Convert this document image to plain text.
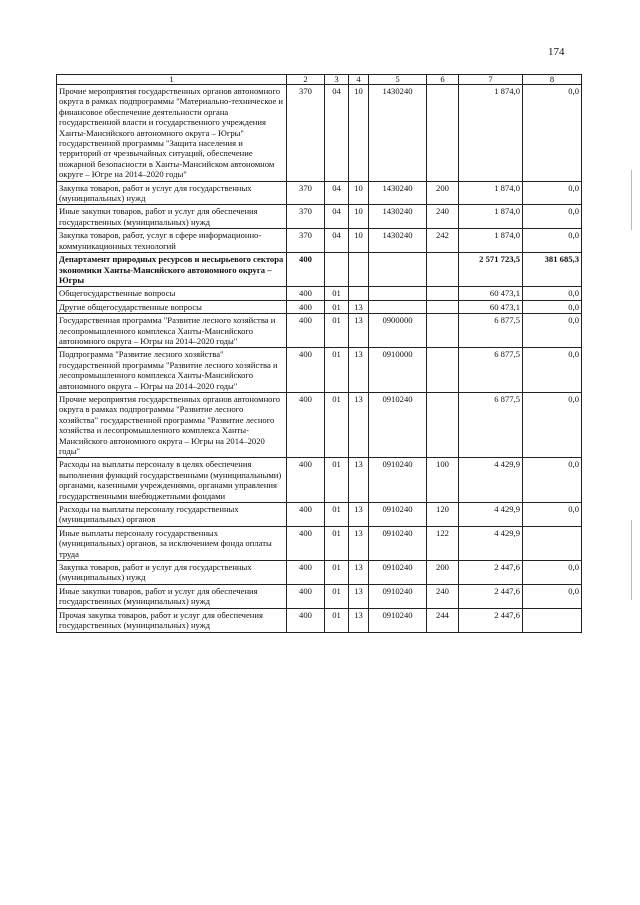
174
1	2	3	4	5	6	7	8
Прочие мероприятия государственных органов автономного округа в рамках подпрограммы "Материально-техническое и финансовое обеспечение деятельности органа государственной власти и государственного учреждения Ханты-Мансийского автономного округа – Югры" государственной программы "Защита населения и территорий от чрезвычайных ситуаций, обеспечение пожарной безопасности в Ханты-Мансийском автономном округе – Югре на 2014–2020 годы"	370	04	10	1430240		1 874,0	0,0
Закупка товаров, работ и услуг для государственных (муниципальных) нужд	370	04	10	1430240	200	1 874,0	0,0
Иные закупки товаров, работ и услуг для обеспечения государственных (муниципальных) нужд	370	04	10	1430240	240	1 874,0	0,0
Закупка товаров, работ, услуг в сфере информационно-коммуникационных технологий	370	04	10	1430240	242	1 874,0	0,0
Департамент природных ресурсов и несырьевого сектора экономики Ханты-Мансийского автономного округа – Югры	400					2 571 723,5	381 685,3
Общегосударственные вопросы	400	01				60 473,1	0,0
Другие общегосударственные вопросы	400	01	13			60 473,1	0,0
Государственная программа "Развитие лесного хозяйства и лесопромышленного комплекса Ханты-Мансийского автономного округа – Югры на 2014–2020 годы"	400	01	13	0900000		6 877,5	0,0
Подпрограмма "Развитие лесного хозяйства" государственной программы "Развитие лесного хозяйства и лесопромышленного комплекса Ханты-Мансийского автономного округа – Югры на 2014–2020 годы"	400	01	13	0910000		6 877,5	0,0
Прочие мероприятия государственных органов автономного округа в рамках подпрограммы "Развитие лесного хозяйства" государственной программы "Развитие лесного хозяйства и лесопромышленного комплекса Ханты-Мансийского автономного округа – Югры на 2014–2020 годы"	400	01	13	0910240		6 877,5	0,0
Расходы на выплаты персоналу в целях обеспечения выполнения функций государственными (муниципальными) органами, казенными учреждениями, органами управления государственными внебюджетными фондами	400	01	13	0910240	100	4 429,9	0,0
Расходы на выплаты персоналу государственных (муниципальных) органов	400	01	13	0910240	120	4 429,9	0,0
Иные выплаты персоналу государственных (муниципальных) органов, за исключением фонда оплаты труда	400	01	13	0910240	122	4 429,9	
Закупка товаров, работ и услуг для государственных (муниципальных) нужд	400	01	13	0910240	200	2 447,6	0,0
Иные закупки товаров, работ и услуг для обеспечения государственных (муниципальных) нужд	400	01	13	0910240	240	2 447,6	0,0
Прочая закупка товаров, работ и услуг для обеспечения государственных (муниципальных) нужд	400	01	13	0910240	244	2 447,6	
